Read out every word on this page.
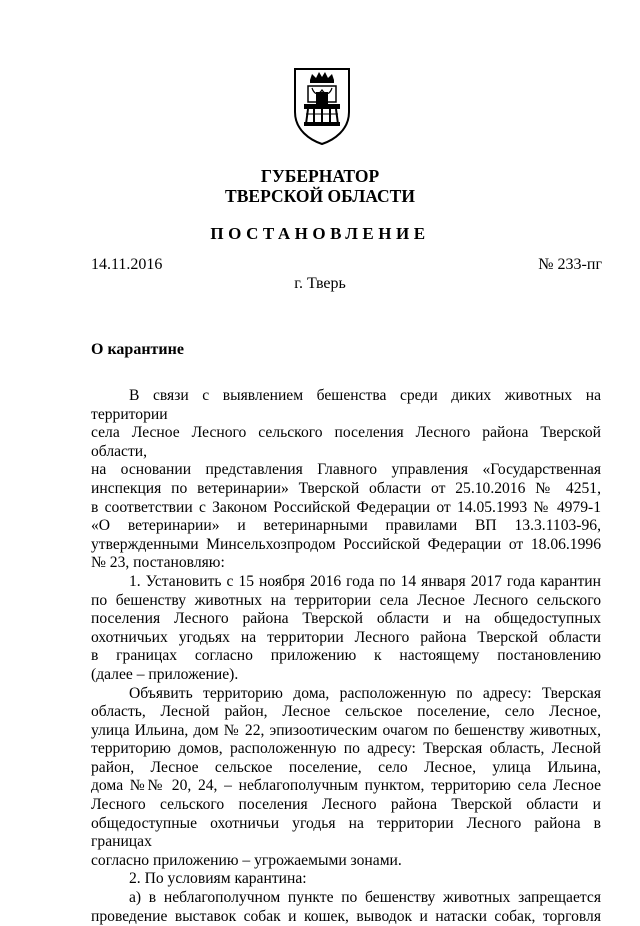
ГУБЕРНАТОР
ТВЕРСКОЙ ОБЛАСТИ
ПОСТАНОВЛЕНИЕ
14.11.2016	№ 233-пг
г. Тверь
О карантине

В связи с выявлением бешенства среди диких животных на территории

села Лесное Лесного сельского поселения Лесного района Тверской области,

на основании представления Главного управления «Государственная

инспекция по ветеринарии» Тверской области от 25.10.2016 № 4251,

в соответствии с Законом Российской Федерации от 14.05.1993 № 4979-1

«О ветеринарии» и ветеринарными правилами ВП 13.3.1103-96,

утвержденными Минсельхозпродом Российской Федерации от 18.06.1996

№ 23, постановляю:

1. Установить с 15 ноября 2016 года по 14 января 2017 года карантин

по бешенству животных на территории села Лесное Лесного сельского

поселения Лесного района Тверской области и на общедоступных

охотничьих угодьях на территории Лесного района Тверской области

в границах согласно приложению к настоящему постановлению

(далее – приложение).

Объявить территорию дома, расположенную по адресу: Тверская

область, Лесной район, Лесное сельское поселение, село Лесное,

улица Ильина, дом № 22, эпизоотическим очагом по бешенству животных,

территорию домов, расположенную по адресу: Тверская область, Лесной

район, Лесное сельское поселение, село Лесное, улица Ильина,

дома №№ 20, 24, – неблагополучным пунктом, территорию села Лесное

Лесного сельского поселения Лесного района Тверской области и

общедоступные охотничьи угодья на территории Лесного района в границах

согласно приложению – угрожаемыми зонами.

2. По условиям карантина:

а) в неблагополучном пункте по бешенству животных запрещается

проведение выставок собак и кошек, выводок и натаски собак, торговля
